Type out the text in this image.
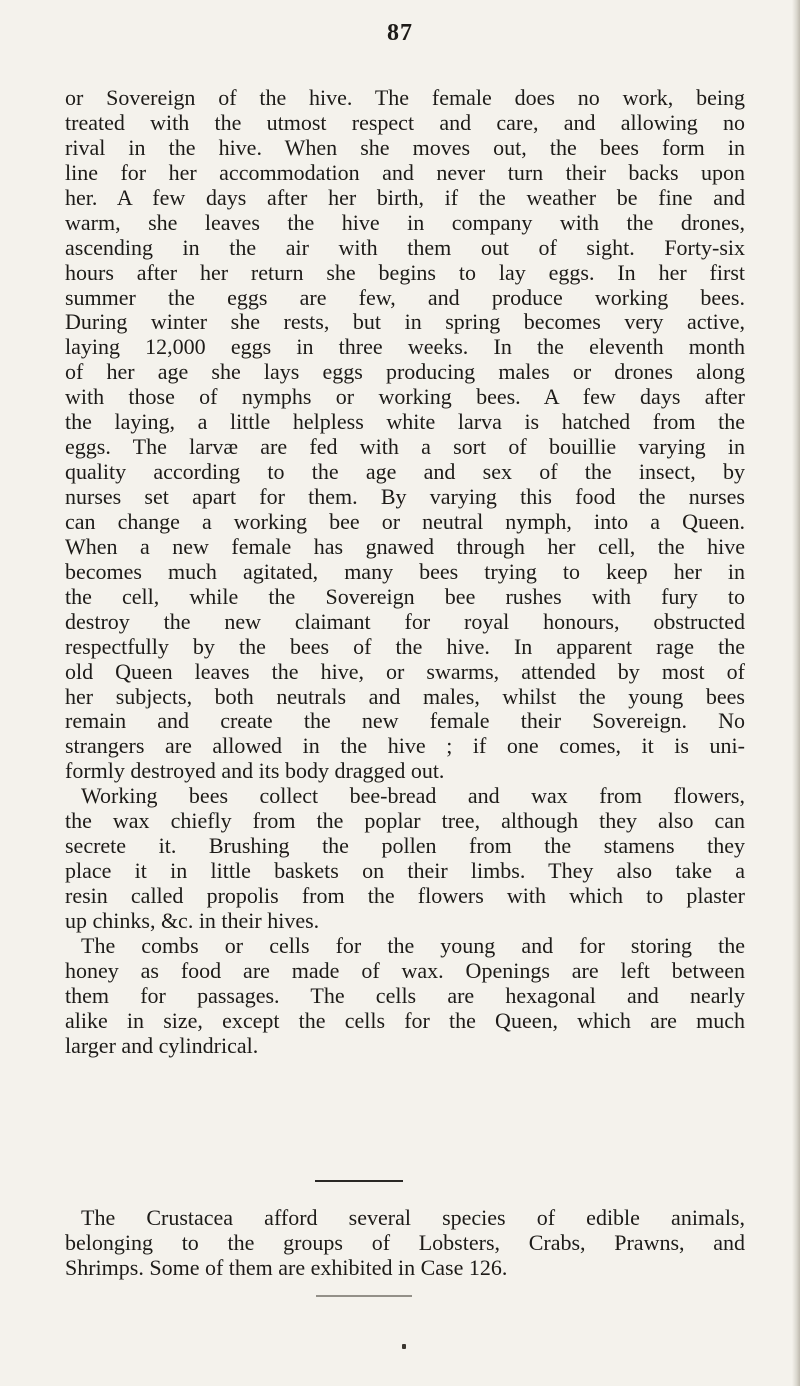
87
or Sovereign of the hive. The female does no work, being
treated with the utmost respect and care, and allowing no
rival in the hive. When she moves out, the bees form in
line for her accommodation and never turn their backs upon
her. A few days after her birth, if the weather be fine and
warm, she leaves the hive in company with the drones,
ascending in the air with them out of sight. Forty-six
hours after her return she begins to lay eggs. In her first
summer the eggs are few, and produce working bees.
During winter she rests, but in spring becomes very active,
laying 12,000 eggs in three weeks. In the eleventh month
of her age she lays eggs producing males or drones along
with those of nymphs or working bees. A few days after
the laying, a little helpless white larva is hatched from the
eggs. The larvæ are fed with a sort of bouillie varying in
quality according to the age and sex of the insect, by
nurses set apart for them. By varying this food the nurses
can change a working bee or neutral nymph, into a Queen.
When a new female has gnawed through her cell, the hive
becomes much agitated, many bees trying to keep her in
the cell, while the Sovereign bee rushes with fury to
destroy the new claimant for royal honours, obstructed
respectfully by the bees of the hive. In apparent rage the
old Queen leaves the hive, or swarms, attended by most of
her subjects, both neutrals and males, whilst the young bees
remain and create the new female their Sovereign. No
strangers are allowed in the hive ; if one comes, it is uni-
formly destroyed and its body dragged out.
Working bees collect bee-bread and wax from flowers,
the wax chiefly from the poplar tree, although they also can
secrete it. Brushing the pollen from the stamens they
place it in little baskets on their limbs. They also take a
resin called propolis from the flowers with which to plaster
up chinks, &c. in their hives.
The combs or cells for the young and for storing the
honey as food are made of wax. Openings are left between
them for passages. The cells are hexagonal and nearly
alike in size, except the cells for the Queen, which are much
larger and cylindrical.
The Crustacea afford several species of edible animals,
belonging to the groups of Lobsters, Crabs, Prawns, and
Shrimps. Some of them are exhibited in Case 126.
